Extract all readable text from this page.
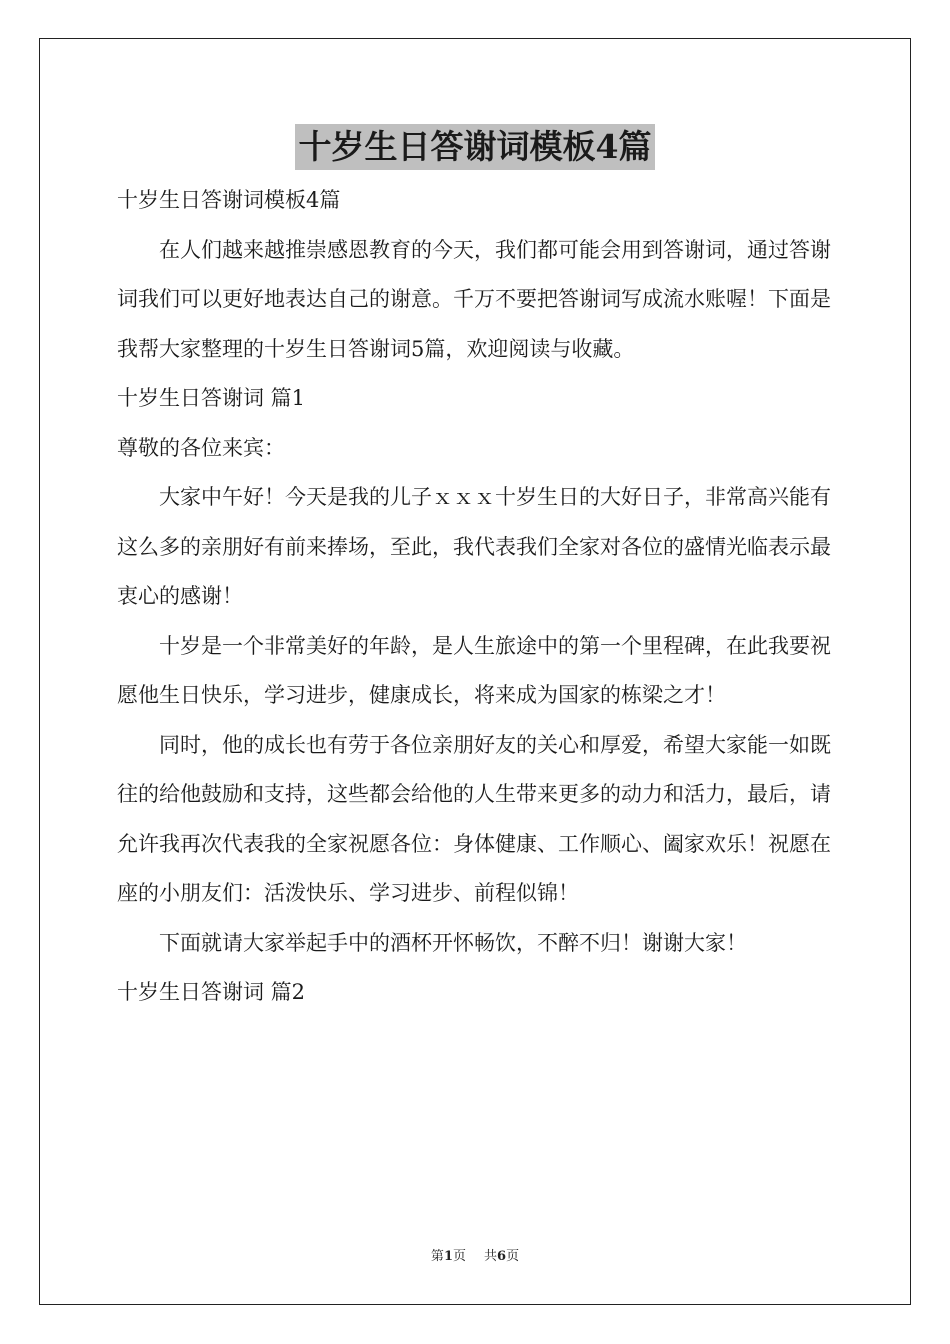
十岁生日答谢词模板4篇

十岁生日答谢词模板4篇

在人们越来越推崇感恩教育的今天，我们都可能会用到答谢词，通过答谢词我们可以更好地表达自己的谢意。千万不要把答谢词写成流水账喔！下面是我帮大家整理的十岁生日答谢词5篇，欢迎阅读与收藏。

十岁生日答谢词 篇1

尊敬的各位来宾：

大家中午好！今天是我的儿子ｘｘｘ十岁生日的大好日子，非常高兴能有这么多的亲朋好有前来捧场，至此，我代表我们全家对各位的盛情光临表示最衷心的感谢！

十岁是一个非常美好的年龄，是人生旅途中的第一个里程碑，在此我要祝愿他生日快乐，学习进步，健康成长，将来成为国家的栋梁之才！

同时，他的成长也有劳于各位亲朋好友的关心和厚爱，希望大家能一如既往的给他鼓励和支持，这些都会给他的人生带来更多的动力和活力，最后，请允许我再次代表我的全家祝愿各位：身体健康、工作顺心、阖家欢乐！祝愿在座的小朋友们：活泼快乐、学习进步、前程似锦！

下面就请大家举起手中的酒杯开怀畅饮，不醉不归！谢谢大家！

十岁生日答谢词 篇2

第1页 共6页
